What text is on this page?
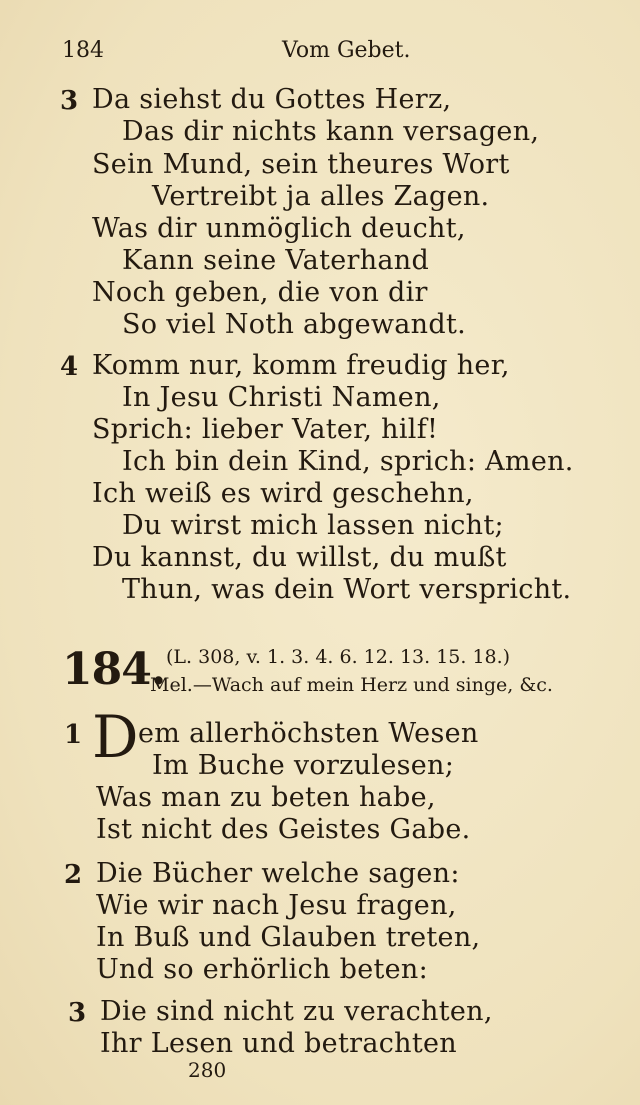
184	Vom Gebet.
3 Da siehst du Gottes Herz,
Das dir nichts kann versagen,
Sein Mund, sein theures Wort
Vertreibt ja alles Zagen.
Was dir unmöglich deucht,
Kann seine Vaterhand
Noch geben, die von dir
So viel Noth abgewandt.
4 Komm nur, komm freudig her,
In Jesu Christi Namen,
Sprich: lieber Vater, hilf!
Ich bin dein Kind, sprich: Amen.
Ich weiß es wird geschehn,
Du wirst mich lassen nicht;
Du kannst, du willst, du mußt
Thun, was dein Wort verspricht.
184. (L. 308, v. 1. 3. 4. 6. 12. 13. 15. 18.)
Mel.—Wach auf mein Herz und singe, &c.
1 D em allerhöchsten Wesen
Im Buche vorzulesen;
Was man zu beten habe,
Ist nicht des Geistes Gabe.
2 Die Bücher welche sagen:
Wie wir nach Jesu fragen,
In Buß und Glauben treten,
Und so erhörlich beten:
3 Die sind nicht zu verachten,
Ihr Lesen und betrachten
280
